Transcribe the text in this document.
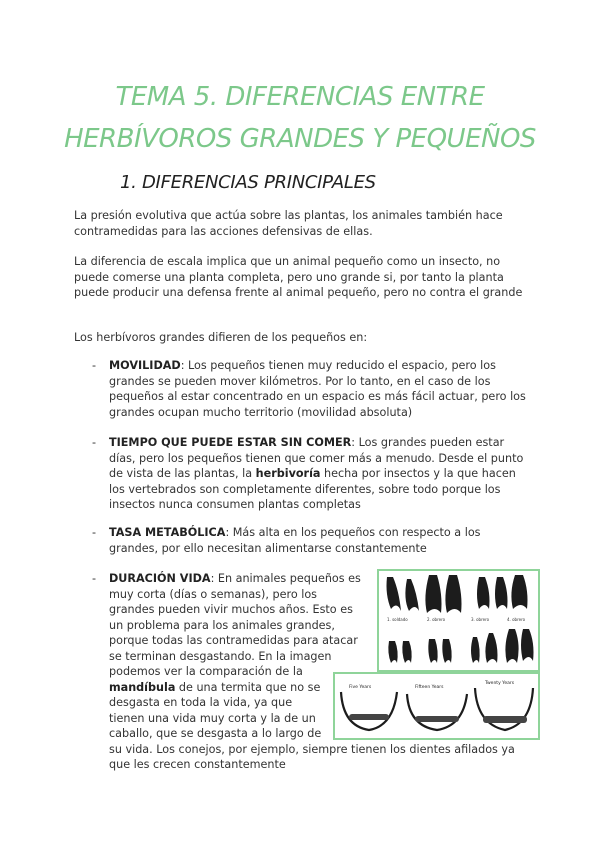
TEMA 5. DIFERENCIAS ENTRE
HERBÍVOROS GRANDES Y PEQUEÑOS
1. DIFERENCIAS PRINCIPALES
La presión evolutiva que actúa sobre las plantas, los animales también hace contramedidas para las acciones defensivas de ellas.
La diferencia de escala implica que un animal pequeño como un insecto, no puede comerse una planta completa, pero uno grande si, por tanto la planta puede producir una defensa frente al animal pequeño, pero no contra el grande
Los herbívoros grandes difieren de los pequeños en:
- MOVILIDAD: Los pequeños tienen muy reducido el espacio, pero los grandes se pueden mover kilómetros. Por lo tanto, en el caso de los pequeños al estar concentrado en un espacio es más fácil actuar, pero los grandes ocupan mucho territorio (movilidad absoluta)
- TIEMPO QUE PUEDE ESTAR SIN COMER: Los grandes pueden estar días, pero los pequeños tienen que comer más a menudo. Desde el punto de vista de las plantas, la herbivoría hecha por insectos y la que hacen los vertebrados son completamente diferentes, sobre todo porque los insectos nunca consumen plantas completas
- TASA METABÓLICA: Más alta en los pequeños con respecto a los grandes, por ello necesitan alimentarse constantemente
- DURACIÓN VIDA: En animales pequeños es muy corta (días o semanas), pero los grandes pueden vivir muchos años. Esto es un problema para los animales grandes, porque todas las contramedidas para atacar se terminan desgastando. En la imagen podemos ver la comparación de la mandíbula de una termita que no se desgasta en toda la vida, ya que tienen una vida muy corta y la de un caballo, que se desgasta a lo largo de su vida. Los conejos, por ejemplo, siempre tienen los dientes afilados ya que les crecen constantemente
1. soldado	2. obrero	3. obrero	4. obrero
Five Years	Fifteen Years
Twenty Years
